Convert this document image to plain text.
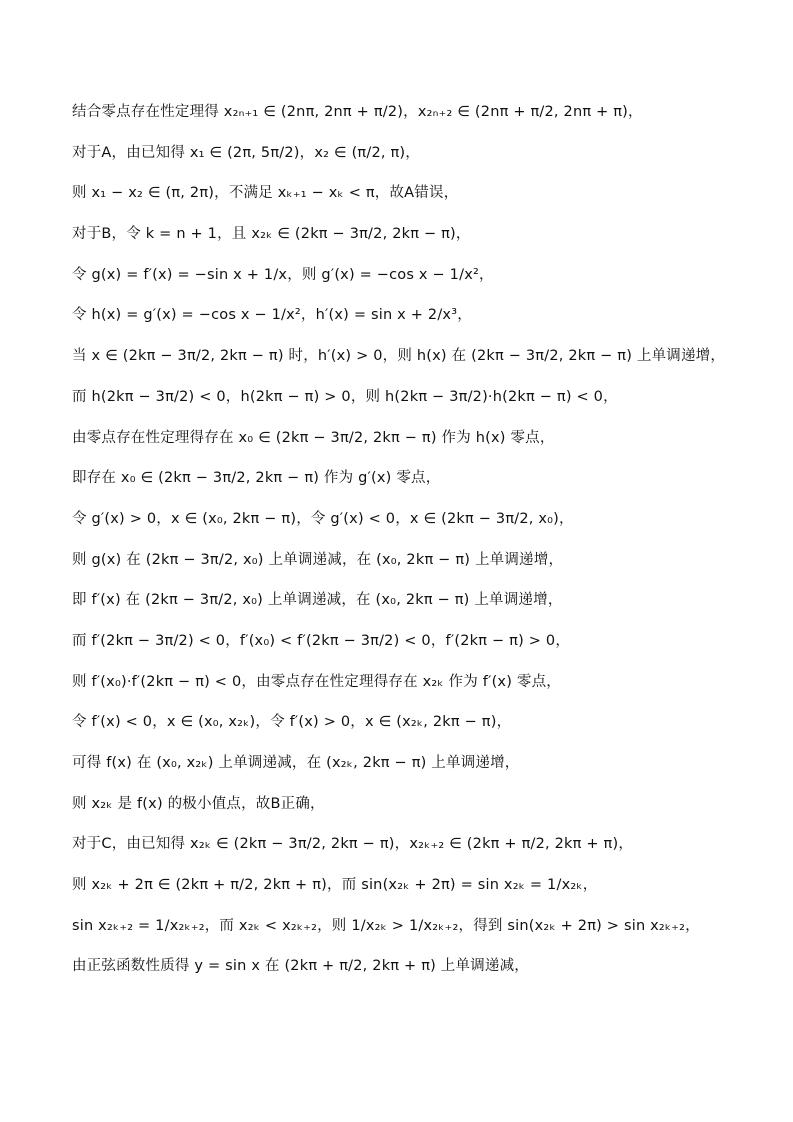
结合零点存在性定理得 x₂ₙ₊₁ ∈ (2nπ, 2nπ + π/2)，x₂ₙ₊₂ ∈ (2nπ + π/2, 2nπ + π)，
对于A，由已知得 x₁ ∈ (2π, 5π/2)，x₂ ∈ (π/2, π)，
则 x₁ − x₂ ∈ (π, 2π)，不满足 xₖ₊₁ − xₖ < π，故A错误，
对于B，令 k = n + 1，且 x₂ₖ ∈ (2kπ − 3π/2, 2kπ − π)，
令 g(x) = f′(x) = −sin x + 1/x，则 g′(x) = −cos x − 1/x²，
令 h(x) = g′(x) = −cos x − 1/x²，h′(x) = sin x + 2/x³，
当 x ∈ (2kπ − 3π/2, 2kπ − π) 时，h′(x) > 0，则 h(x) 在 (2kπ − 3π/2, 2kπ − π) 上单调递增，
而 h(2kπ − 3π/2) < 0，h(2kπ − π) > 0，则 h(2kπ − 3π/2)·h(2kπ − π) < 0，
由零点存在性定理得存在 x₀ ∈ (2kπ − 3π/2, 2kπ − π) 作为 h(x) 零点，
即存在 x₀ ∈ (2kπ − 3π/2, 2kπ − π) 作为 g′(x) 零点，
令 g′(x) > 0，x ∈ (x₀, 2kπ − π)，令 g′(x) < 0，x ∈ (2kπ − 3π/2, x₀)，
则 g(x) 在 (2kπ − 3π/2, x₀) 上单调递减，在 (x₀, 2kπ − π) 上单调递增，
即 f′(x) 在 (2kπ − 3π/2, x₀) 上单调递减，在 (x₀, 2kπ − π) 上单调递增，
而 f′(2kπ − 3π/2) < 0，f′(x₀) < f′(2kπ − 3π/2) < 0，f′(2kπ − π) > 0，
则 f′(x₀)·f′(2kπ − π) < 0，由零点存在性定理得存在 x₂ₖ 作为 f′(x) 零点，
令 f′(x) < 0，x ∈ (x₀, x₂ₖ)，令 f′(x) > 0，x ∈ (x₂ₖ, 2kπ − π)，
可得 f(x) 在 (x₀, x₂ₖ) 上单调递减，在 (x₂ₖ, 2kπ − π) 上单调递增，
则 x₂ₖ 是 f(x) 的极小值点，故B正确，
对于C，由已知得 x₂ₖ ∈ (2kπ − 3π/2, 2kπ − π)，x₂ₖ₊₂ ∈ (2kπ + π/2, 2kπ + π)，
则 x₂ₖ + 2π ∈ (2kπ + π/2, 2kπ + π)，而 sin(x₂ₖ + 2π) = sin x₂ₖ = 1/x₂ₖ，
sin x₂ₖ₊₂ = 1/x₂ₖ₊₂，而 x₂ₖ < x₂ₖ₊₂，则 1/x₂ₖ > 1/x₂ₖ₊₂，得到 sin(x₂ₖ + 2π) > sin x₂ₖ₊₂，
由正弦函数性质得 y = sin x 在 (2kπ + π/2, 2kπ + π) 上单调递减，
